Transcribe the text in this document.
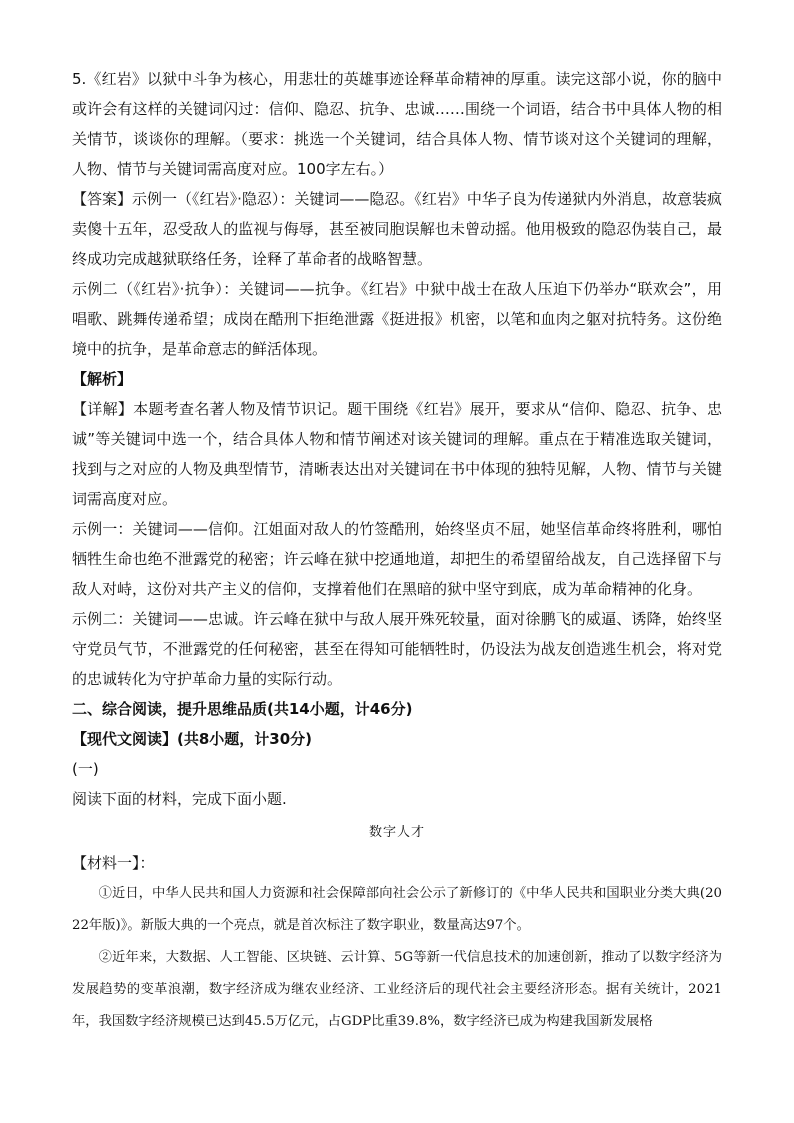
5.《红岩》以狱中斗争为核心，用悲壮的英雄事迹诠释革命精神的厚重。读完这部小说，你的脑中或许会有这样的关键词闪过：信仰、隐忍、抗争、忠诚……围绕一个词语，结合书中具体人物的相关情节，谈谈你的理解。（要求：挑选一个关键词，结合具体人物、情节谈对这个关键词的理解，人物、情节与关键词需高度对应。100字左右。）

【答案】示例一（《红岩》·隐忍）：关键词——隐忍。《红岩》中华子良为传递狱内外消息，故意装疯卖傻十五年，忍受敌人的监视与侮辱，甚至被同胞误解也未曾动摇。他用极致的隐忍伪装自己，最终成功完成越狱联络任务，诠释了革命者的战略智慧。

示例二（《红岩》·抗争）：关键词——抗争。《红岩》中狱中战士在敌人压迫下仍举办“联欢会”，用唱歌、跳舞传递希望；成岗在酷刑下拒绝泄露《挺进报》机密，以笔和血肉之躯对抗特务。这份绝境中的抗争，是革命意志的鲜活体现。

【解析】

【详解】本题考查名著人物及情节识记。题干围绕《红岩》展开，要求从“信仰、隐忍、抗争、忠诚”等关键词中选一个，结合具体人物和情节阐述对该关键词的理解。重点在于精准选取关键词，找到与之对应的人物及典型情节，清晰表达出对关键词在书中体现的独特见解，人物、情节与关键词需高度对应。

示例一：关键词——信仰。江姐面对敌人的竹签酷刑，始终坚贞不屈，她坚信革命终将胜利，哪怕牺牲生命也绝不泄露党的秘密；许云峰在狱中挖通地道，却把生的希望留给战友，自己选择留下与敌人对峙，这份对共产主义的信仰，支撑着他们在黑暗的狱中坚守到底，成为革命精神的化身。

示例二：关键词——忠诚。许云峰在狱中与敌人展开殊死较量，面对徐鹏飞的威逼、诱降，始终坚守党员气节，不泄露党的任何秘密，甚至在得知可能牺牲时，仍设法为战友创造逃生机会，将对党的忠诚转化为守护革命力量的实际行动。

二、综合阅读，提升思维品质(共14小题，计46分)

【现代文阅读】(共8小题，计30分)

(一)

阅读下面的材料，完成下面小题.

数字人才

【材料一】：

①近日，中华人民共和国人力资源和社会保障部向社会公示了新修订的《中华人民共和国职业分类大典(2022年版)》。新版大典的一个亮点，就是首次标注了数字职业，数量高达97个。

②近年来，大数据、人工智能、区块链、云计算、5G等新一代信息技术的加速创新，推动了以数字经济为发展趋势的变革浪潮，数字经济成为继农业经济、工业经济后的现代社会主要经济形态。据有关统计，2021年，我国数字经济规模已达到45.5万亿元，占GDP比重39.8%，数字经济已成为构建我国新发展格
